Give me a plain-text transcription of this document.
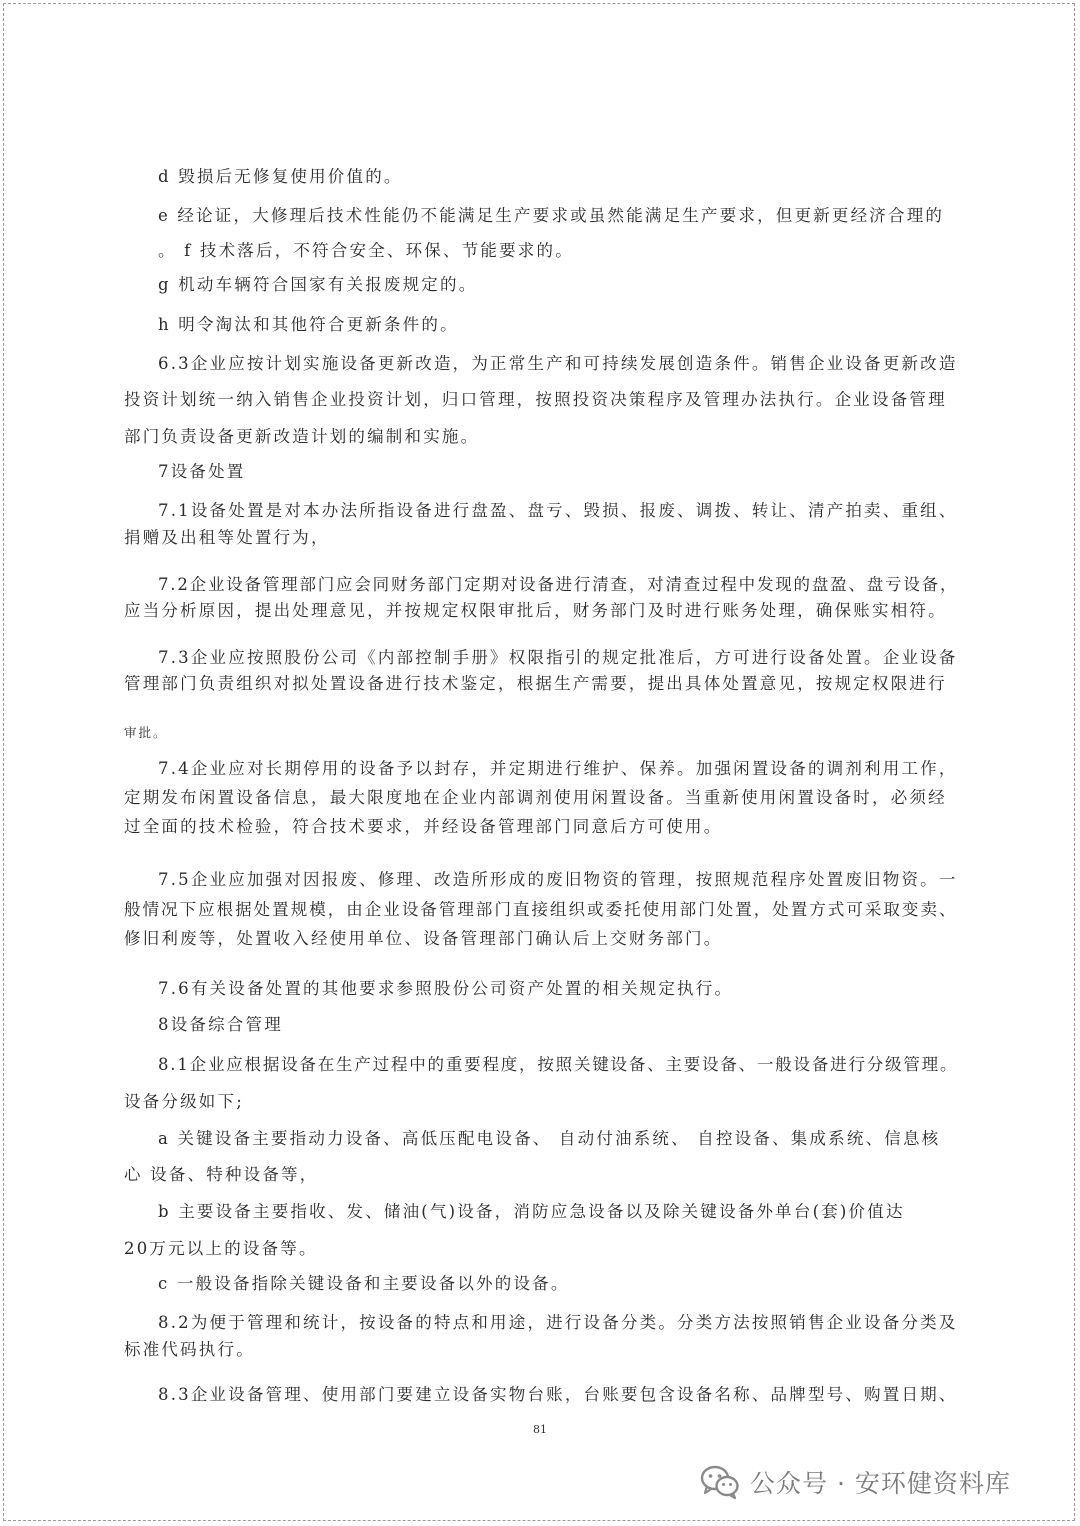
d 毁损后无修复使用价值的。
e 经论证，大修理后技术性能仍不能满足生产要求或虽然能满足生产要求，但更新更经济合理的
。 f 技术落后，不符合安全、环保、节能要求的。
g 机动车辆符合国家有关报废规定的。
h 明令淘汰和其他符合更新条件的。
6.3企业应按计划实施设备更新改造，为正常生产和可持续发展创造条件。销售企业设备更新改造
投资计划统一纳入销售企业投资计划，归口管理，按照投资决策程序及管理办法执行。企业设备管理
部门负责设备更新改造计划的编制和实施。
7设备处置
7.1设备处置是对本办法所指设备进行盘盈、盘亏、毁损、报废、调拨、转让、清产拍卖、重组、
捐赠及出租等处置行为，
7.2企业设备管理部门应会同财务部门定期对设备进行清查，对清查过程中发现的盘盈、盘亏设备，
应当分析原因，提出处理意见，并按规定权限审批后，财务部门及时进行账务处理，确保账实相符。
7.3企业应按照股份公司《内部控制手册》权限指引的规定批准后，方可进行设备处置。企业设备
管理部门负责组织对拟处置设备进行技术鉴定，根据生产需要，提出具体处置意见，按规定权限进行
审批。
7.4企业应对长期停用的设备予以封存，并定期进行维护、保养。加强闲置设备的调剂利用工作，
定期发布闲置设备信息，最大限度地在企业内部调剂使用闲置设备。当重新使用闲置设备时，必须经
过全面的技术检验，符合技术要求，并经设备管理部门同意后方可使用。
7.5企业应加强对因报废、修理、改造所形成的废旧物资的管理，按照规范程序处置废旧物资。一
般情况下应根据处置规模，由企业设备管理部门直接组织或委托使用部门处置，处置方式可采取变卖、
修旧利废等，处置收入经使用单位、设备管理部门确认后上交财务部门。
7.6有关设备处置的其他要求参照股份公司资产处置的相关规定执行。
8设备综合管理
8.1企业应根据设备在生产过程中的重要程度，按照关键设备、主要设备、一般设备进行分级管理。
设备分级如下;
a 关键设备主要指动力设备、高低压配电设备、 自动付油系统、 自控设备、集成系统、信息核
心 设备、特种设备等，
b 主要设备主要指收、发、储油(气)设备，消防应急设备以及除关键设备外单台(套)价值达
20万元以上的设备等。
c 一般设备指除关键设备和主要设备以外的设备。
8.2为便于管理和统计，按设备的特点和用途，进行设备分类。分类方法按照销售企业设备分类及
标准代码执行。
8.3企业设备管理、使用部门要建立设备实物台账，台账要包含设备名称、品牌型号、购置日期、
81
公众号 · 安环健资料库
